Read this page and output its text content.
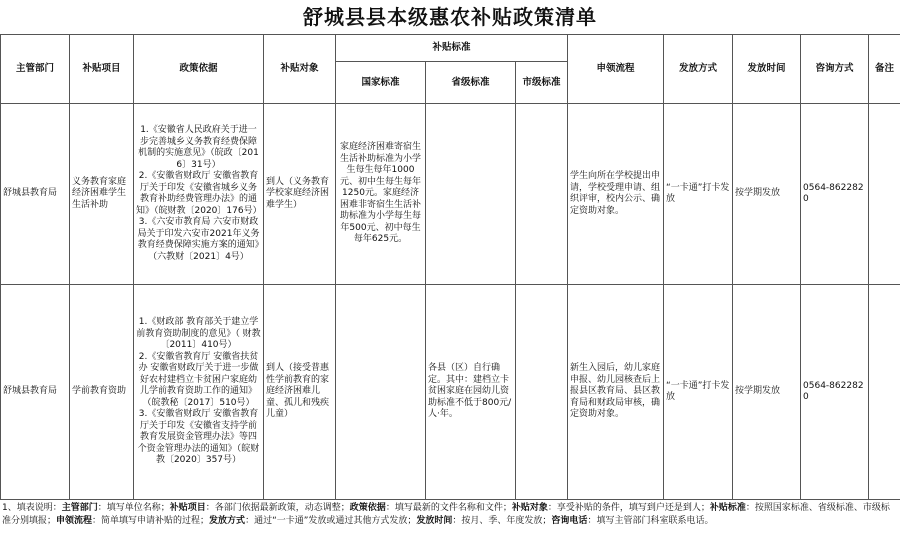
舒城县县本级惠农补贴政策清单
主管部门	补贴项目	政策依据	补贴对象	补贴标准			申领流程	发放方式	发放时间	咨询方式	备注
				国家标准	省级标准	市级标准					
舒城县教育局	义务教育家庭经济困难学生生活补助	1.《安徽省人民政府关于进一步完善城乡义务教育经费保障机制的实施意见》（皖政〔2016〕31号）
2.《安徽省财政厅 安徽省教育厅关于印发《安徽省城乡义务教育补助经费管理办法》的通知》（皖财教〔2020〕176号）
3.《六安市教育局 六安市财政局关于印发六安市2021年义务教育经费保障实施方案的通知》（六教财〔2021〕4号）	到人（义务教育学校家庭经济困难学生）	家庭经济困难寄宿生生活补助标准为小学生每生每年1000元、初中生每生每年1250元。家庭经济困难非寄宿生生活补助标准为小学每生每年500元、初中每生每年625元。			学生向所在学校提出申请，学校受理申请、组织评审，校内公示、确定资助对象。	“一卡通”打卡发放	按学期发放	0564-8622820	
舒城县教育局	学前教育资助	1.《财政部 教育部关于建立学前教育资助制度的意见》（ 财教〔2011〕410号）
2.《安徽省教育厅 安徽省扶贫办 安徽省财政厅关于进一步做好农村建档立卡贫困户家庭幼儿学前教育资助工作的通知》（皖教秘〔2017〕510号）
3.《安徽省财政厅 安徽省教育厅关于印发《安徽省支持学前教育发展资金管理办法》等四个资金管理办法的通知》（皖财教〔2020〕357号）	到人（接受普惠性学前教育的家庭经济困难儿童、孤儿和残疾儿童）		各县（区）自行确定。其中：建档立卡贫困家庭在园幼儿资助标准不低于800元/人·年。		新生入园后，幼儿家庭申报、幼儿园核查后上报县区教育局、县区教育局和财政局审核，确定资助对象。	“一卡通”打卡发放	按学期发放	0564-8622820	
1、填表说明：主管部门：填写单位名称；补贴项目：各部门依据最新政策，动态调整；政策依据：填写最新的文件名称和文件；补贴对象：享受补贴的条件，填写到户还是到人；补贴标准：按照国家标准、省级标准、市级标准分别填报；申领流程：简单填写申请补贴的过程；发放方式：通过“一卡通”发放或通过其他方式发放；发放时间：按月、季、年度发放；咨询电话：填写主管部门科室联系电话。
